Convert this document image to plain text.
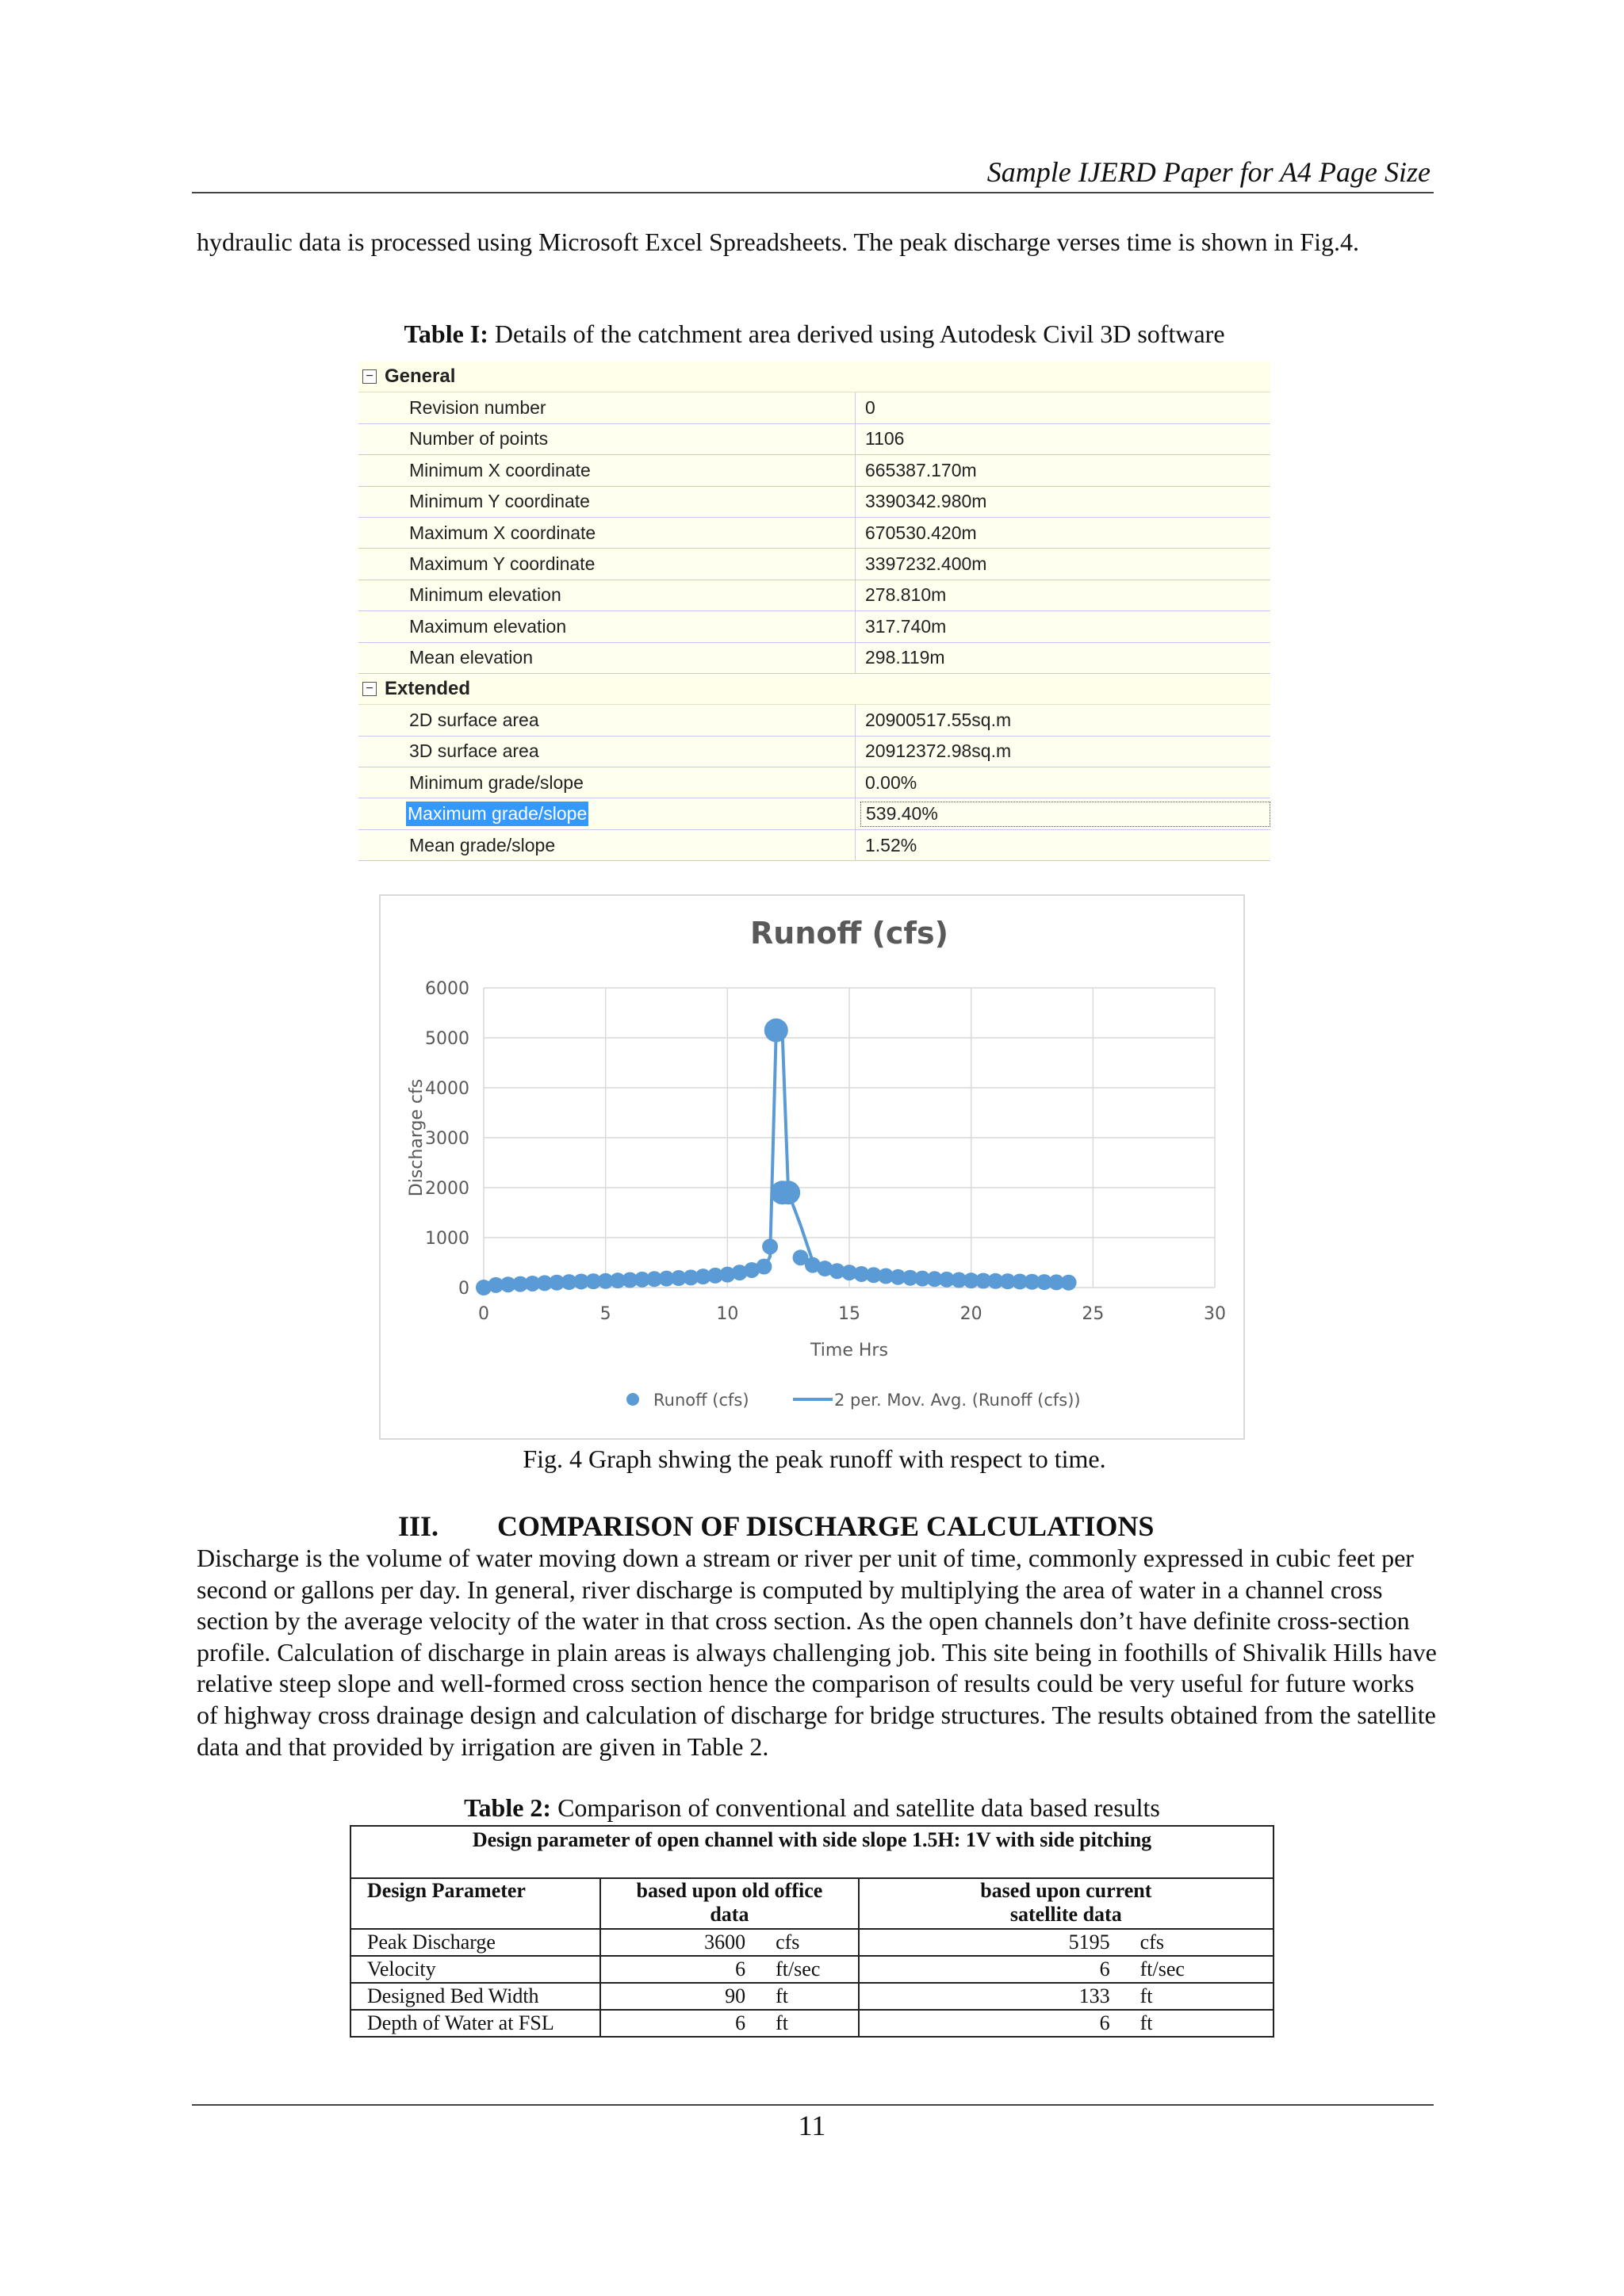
Sample IJERD Paper for A4 Page Size
hydraulic data is processed using Microsoft Excel Spreadsheets. The peak discharge verses time is shown in Fig.4.
Table I: Details of the catchment area derived using Autodesk Civil 3D software
− General
Revision number	0
Number of points	1106
Minimum X coordinate	665387.170m
Minimum Y coordinate	3390342.980m
Maximum X coordinate	670530.420m
Maximum Y coordinate	3397232.400m
Minimum elevation	278.810m
Maximum elevation	317.740m
Mean elevation	298.119m
− Extended
2D surface area	20900517.55sq.m
3D surface area	20912372.98sq.m
Minimum grade/slope	0.00%
Maximum grade/slope	539.40%
Mean grade/slope	1.52%
Runoff (cfs)
0
1000
2000
3000
4000
5000
6000
0	5	10	15	20	25	30
Time Hrs
Discharge cfs
Runoff (cfs)	2 per. Mov. Avg. (Runoff (cfs))
Fig. 4 Graph shwing the peak runoff with respect to time.
III. COMPARISON OF DISCHARGE CALCULATIONS
Discharge is the volume of water moving down a stream or river per unit of time, commonly expressed in cubic feet per second or gallons per day. In general, river discharge is computed by multiplying the area of water in a channel cross section by the average velocity of the water in that cross section. As the open channels don’t have definite cross-section profile. Calculation of discharge in plain areas is always challenging job. This site being in foothills of Shivalik Hills have relative steep slope and well-formed cross section hence the comparison of results could be very useful for future works of highway cross drainage design and calculation of discharge for bridge structures. The results obtained from the satellite data and that provided by irrigation are given in Table 2.
Table 2: Comparison of conventional and satellite data based results
Design parameter of open channel with side slope 1.5H: 1V with side pitching				
Design Parameter	based upon old office data		based upon current satellite data	
Peak Discharge	3600	cfs	5195	cfs
Velocity	6	ft/sec	6	ft/sec
Designed Bed Width	90	ft	133	ft
Depth of Water at FSL	6	ft	6	ft
11
